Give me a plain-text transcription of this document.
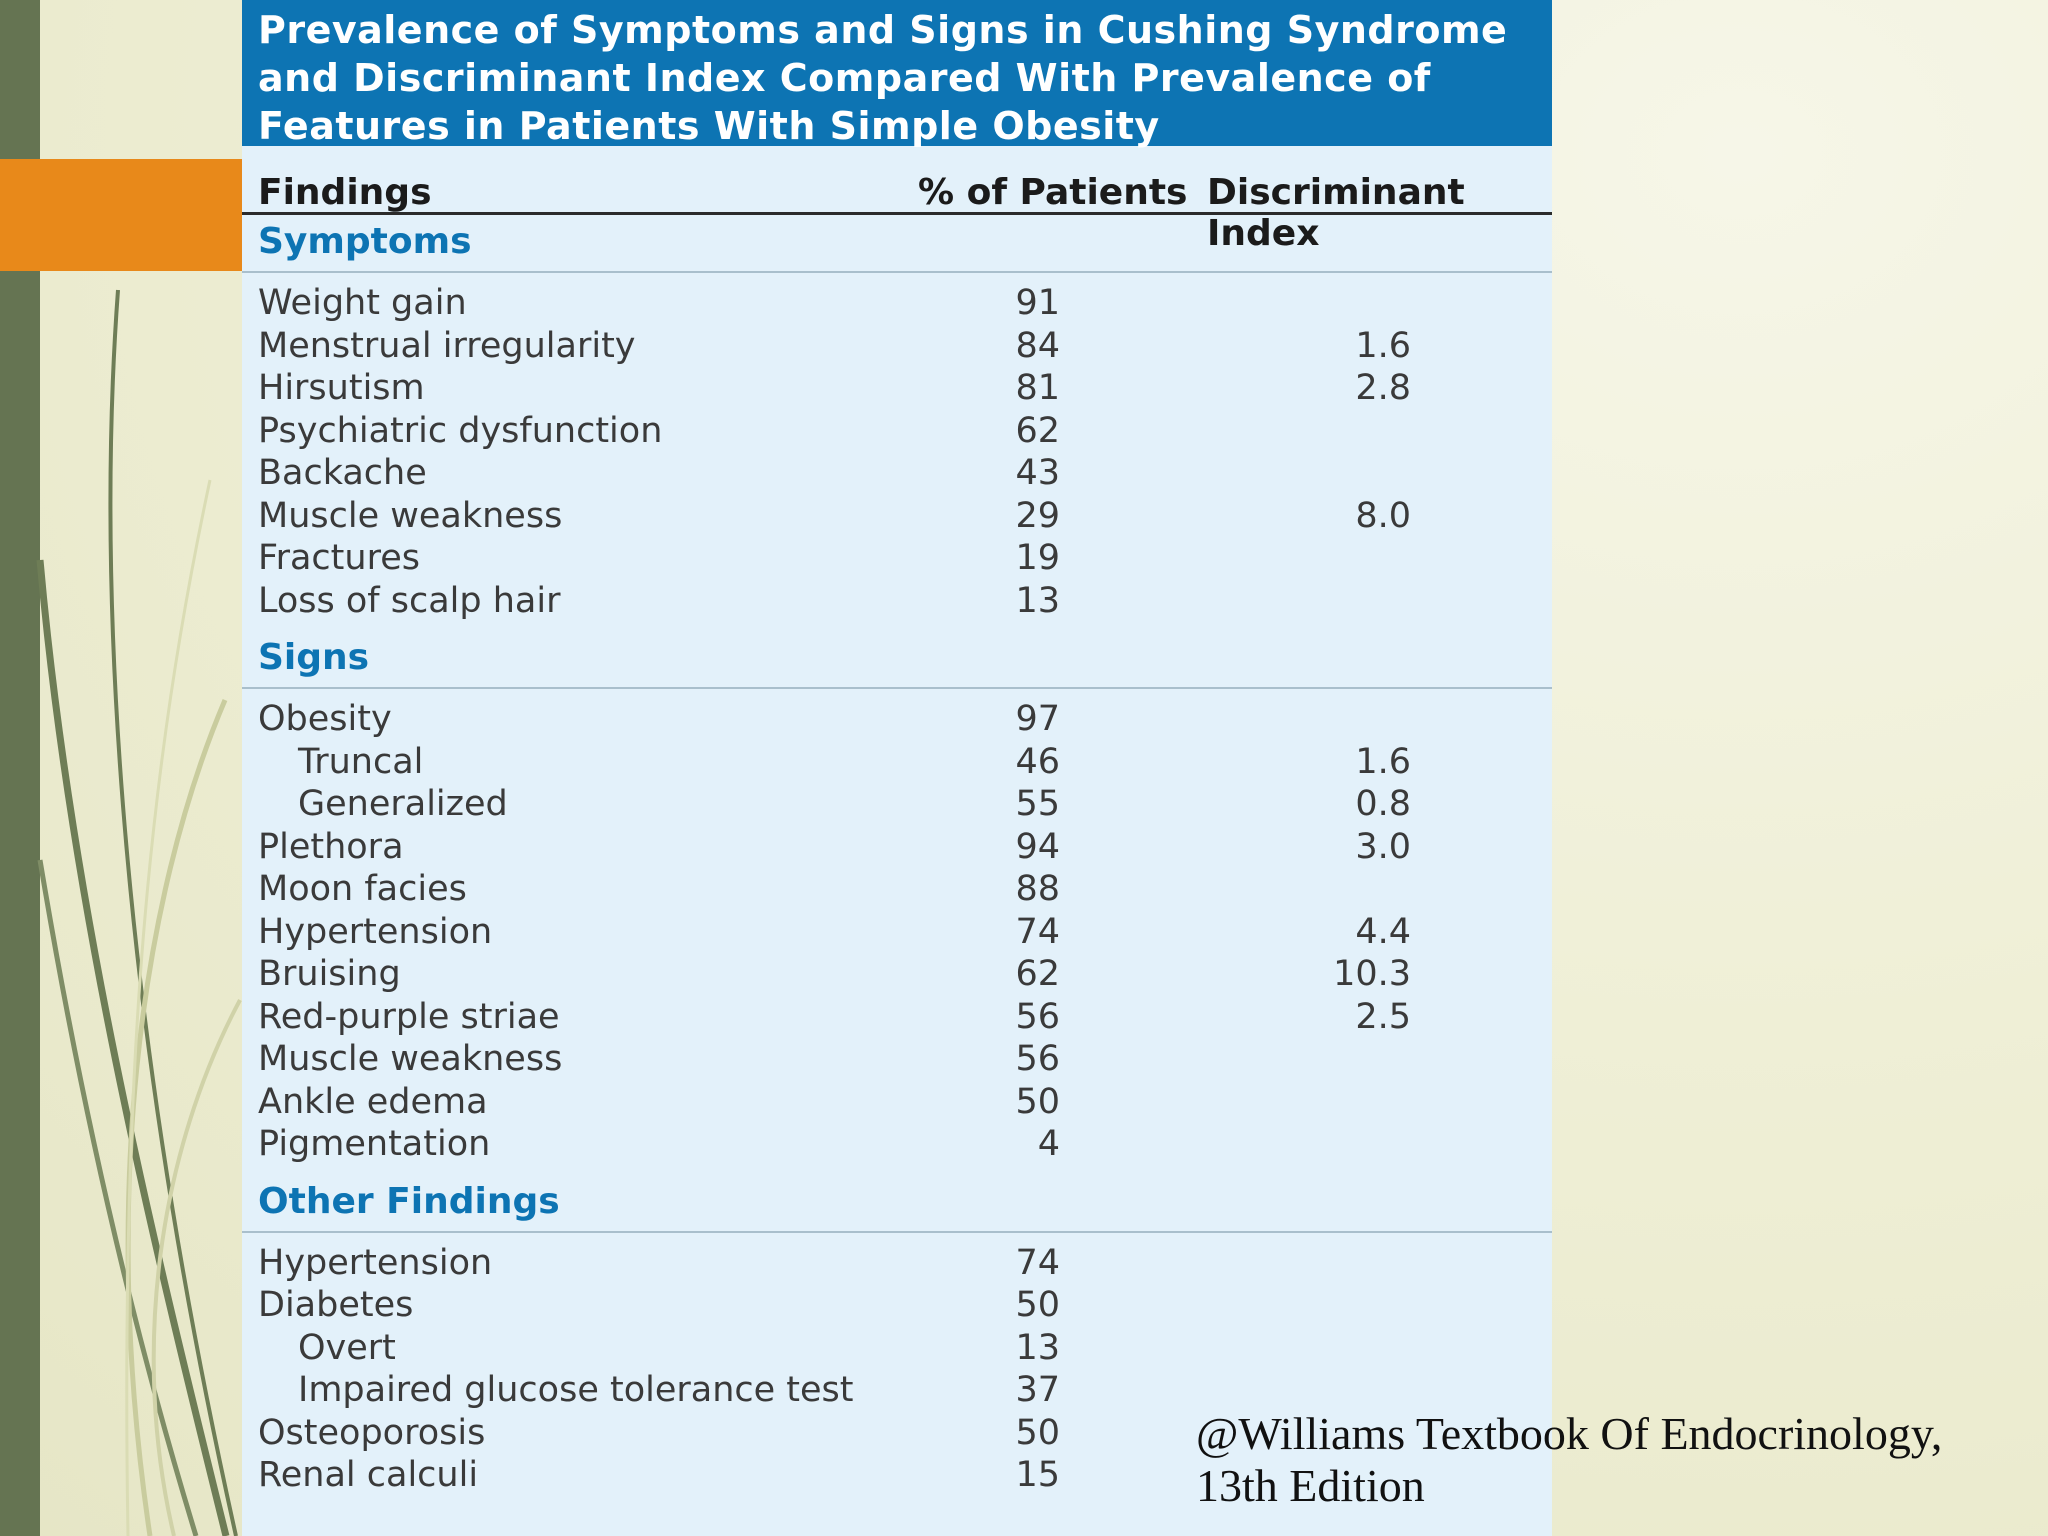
Prevalence of Symptoms and Signs in Cushing Syndrome and Discriminant Index Compared With Prevalence of Features in Patients With Simple Obesity
Findings	% of Patients Discriminant Index
Symptoms
Weight gain	91
Menstrual irregularity	84	1.6
Hirsutism	81	2.8
Psychiatric dysfunction	62
Backache	43
Muscle weakness	29	8.0
Fractures	19
Loss of scalp hair	13
Signs
Obesity	97
Truncal	46	1.6
Generalized	55	0.8
Plethora	94	3.0
Moon facies	88
Hypertension	74	4.4
Bruising	62	10.3
Red-purple striae	56	2.5
Muscle weakness	56
Ankle edema	50
Pigmentation	4
Other Findings
Hypertension	74
Diabetes	50
Overt	13
Impaired glucose tolerance test	37
Osteoporosis	50
Renal calculi	15
@Williams Textbook Of Endocrinology,
13th Edition
